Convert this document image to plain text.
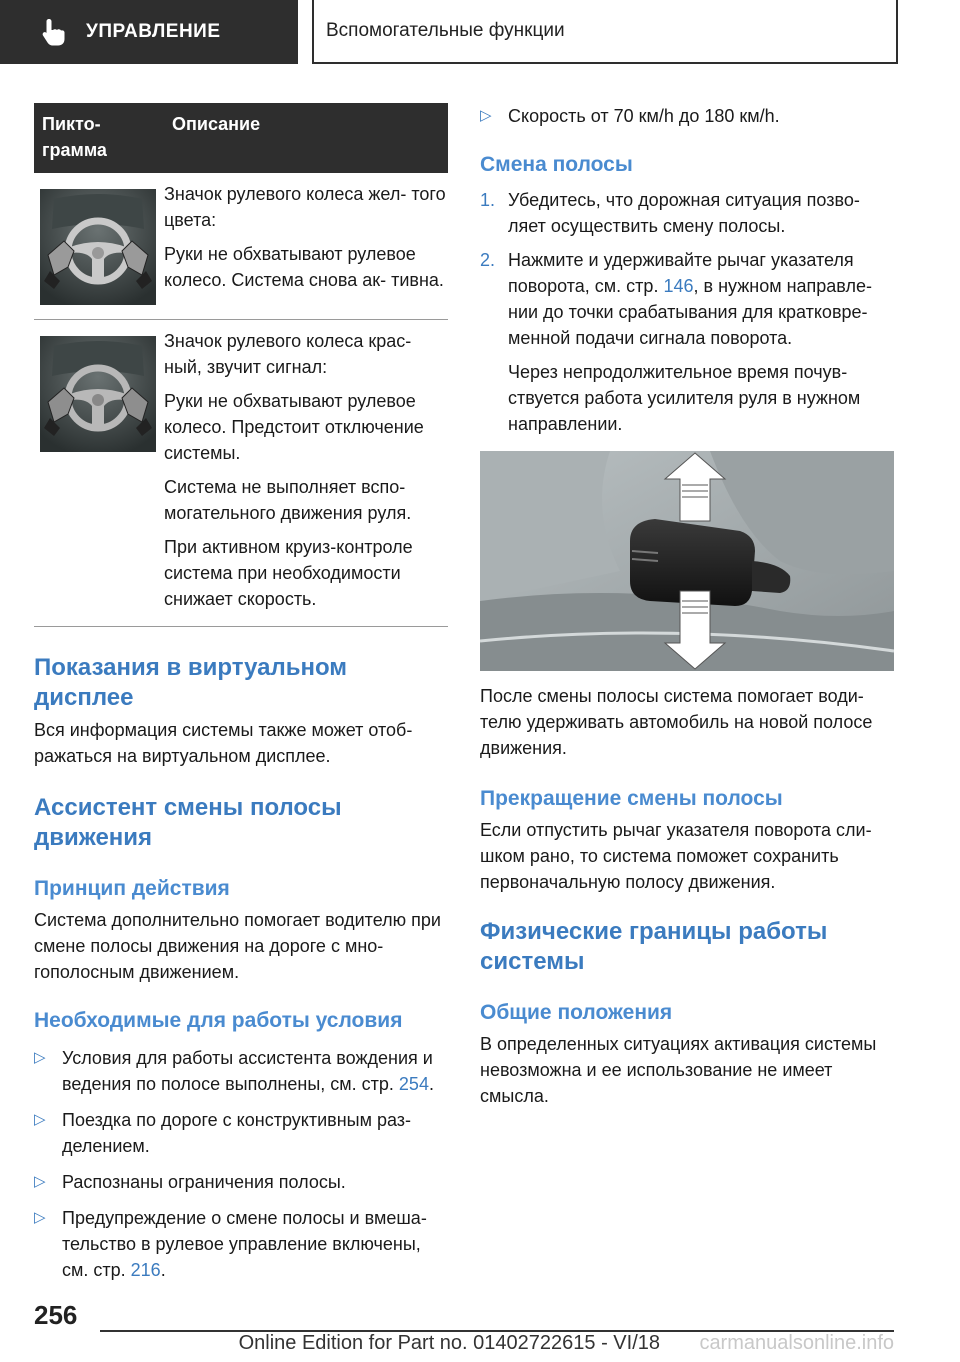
УПРАВЛЕНИЕ	Вспомогательные функции
Пикто- грамма	Описание

Значок рулевого колеса жел- того цвета:

Руки не обхватывают рулевое колесо. Система снова ак- тивна.

Значок рулевого колеса крас- ный, звучит сигнал:

Руки не обхватывают рулевое колесо. Предстоит отключение системы.

Система не выполняет вспо- могательного движения руля.

При активном круиз-контроле система при необходимости снижает скорость.

Показания в виртуальном дисплее

Вся информация системы также может отоб- ражаться на виртуальном дисплее.

Ассистент смены полосы движения
Принцип действия

Система дополнительно помогает водителю при смене полосы движения на дороге с мно- гополосным движением.

Необходимые для работы условия
▷ Условия для работы ассистента вождения и ведения по полосе выполнены, см. стр. 254.
▷ Поездка по дороге с конструктивным раз- делением.
▷ Распознаны ограничения полосы.
▷ Предупреждение о смене полосы и вмеша- тельство в рулевое управление включены, см. стр. 216.
▷ Скорость от 70 км/h до 180 км/h.
Смена полосы
1. Убедитесь, что дорожная ситуация позво- ляет осуществить смену полосы.
2. Нажмите и удерживайте рычаг указателя поворота, см. стр. 146, в нужном направле- нии до точки срабатывания для кратковре- менной подачи сигнала поворота.

Через непродолжительное время почув- ствуется работа усилителя руля в нужном направлении.

После смены полосы система помогает води- телю удерживать автомобиль на новой полосе движения.

Прекращение смены полосы

Если отпустить рычаг указателя поворота сли- шком рано, то система поможет сохранить первоначальную полосу движения.

Физические границы работы системы
Общие положения

В определенных ситуациях активация системы невозможна и ее использование не имеет смысла.

256
carmanualsonline.info
Online Edition for Part no. 01402722615 - VI/18
